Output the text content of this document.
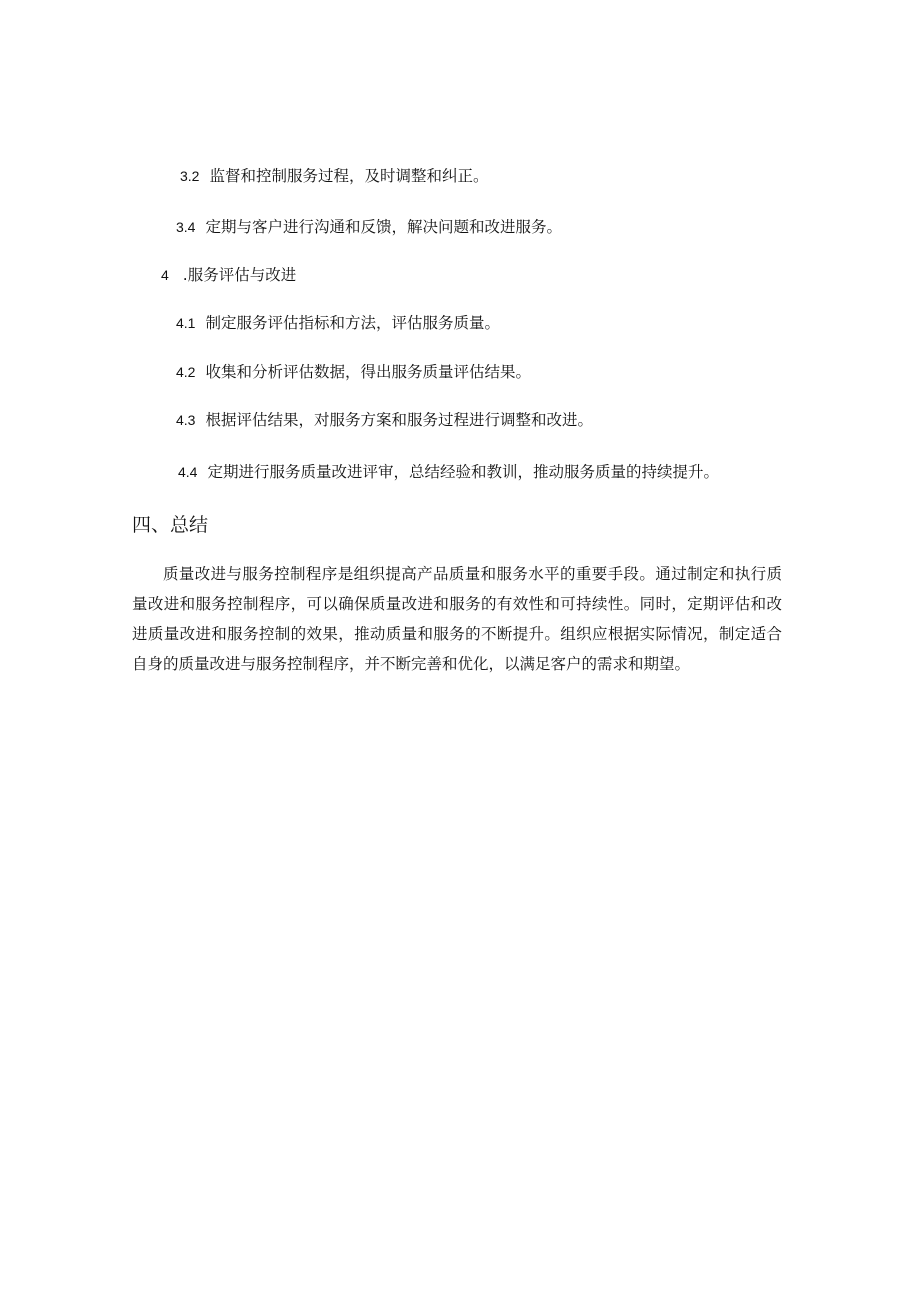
3.2 监督和控制服务过程，及时调整和纠正。
3.4 定期与客户进行沟通和反馈，解决问题和改进服务。
4 .服务评估与改进
4.1 制定服务评估指标和方法，评估服务质量。
4.2 收集和分析评估数据，得出服务质量评估结果。
4.3 根据评估结果，对服务方案和服务过程进行调整和改进。
4.4 定期进行服务质量改进评审，总结经验和教训，推动服务质量的持续提升。
四、总结
质量改进与服务控制程序是组织提高产品质量和服务水平的重要手段。通过制定和执行质量改进和服务控制程序，可以确保质量改进和服务的有效性和可持续性。同时，定期评估和改进质量改进和服务控制的效果，推动质量和服务的不断提升。组织应根据实际情况，制定适合自身的质量改进与服务控制程序，并不断完善和优化，以满足客户的需求和期望。
